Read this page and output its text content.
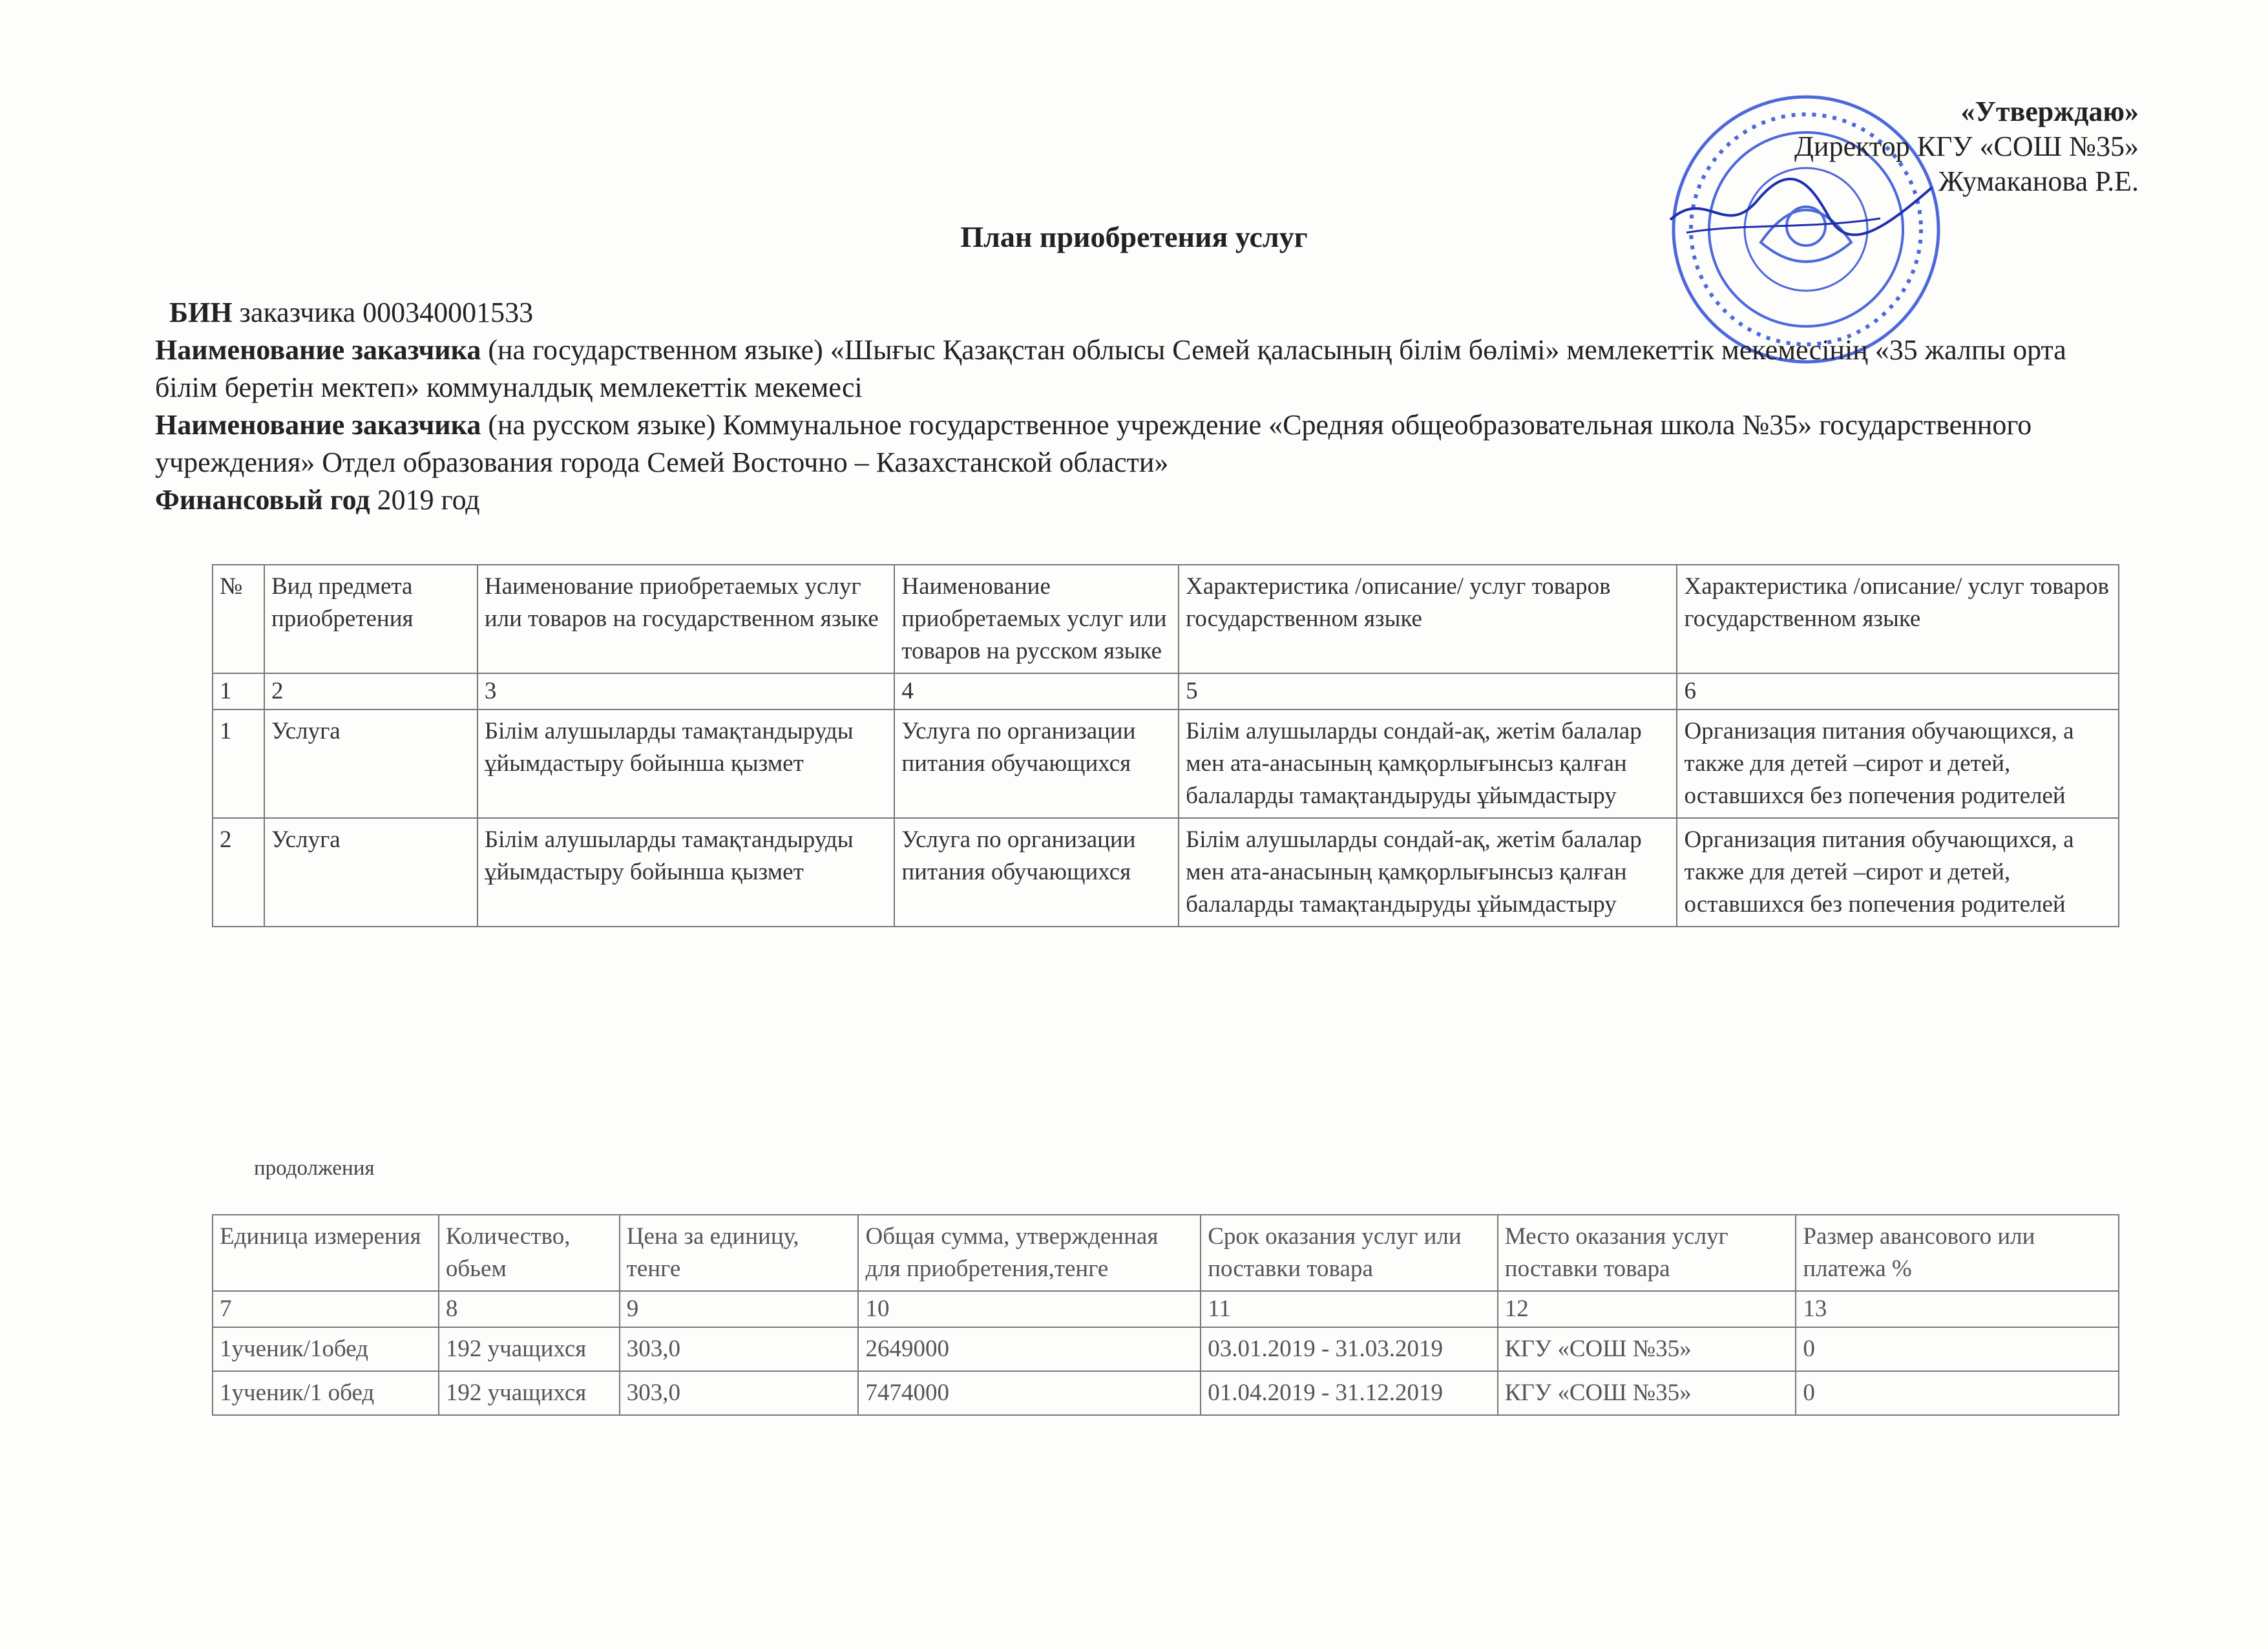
«Утверждаю»
Директор КГУ «СОШ №35»
Жумаканова Р.Е.
План приобретения услуг
БИН заказчика 000340001533
Наименование заказчика (на государственном языке) «Шығыс Қазақстан облысы Семей қаласының білім бөлімі» мемлекеттік мекемесінің «35 жалпы орта білім беретін мектеп» коммуналдық мемлекеттік мекемесі
Наименование заказчика (на русском языке) Коммунальное государственное учреждение «Средняя общеобразовательная школа №35» государственного учреждения» Отдел образования города Семей Восточно – Казахстанской области»
Финансовый год 2019 год
№	Вид предмета приобретения	Наименование приобретаемых услуг или товаров на государственном языке	Наименование приобретаемых услуг или товаров на русском языке	Характеристика /описание/ услуг товаров государственном языке	Характеристика /описание/ услуг товаров государственном языке
1	2	3	4	5	6
1	Услуга	Білім алушыларды тамақтандыруды ұйымдастыру бойынша қызмет	Услуга по организации питания обучающихся	Білім алушыларды сондай-ақ, жетім балалар мен ата-анасының қамқорлығынсыз қалған балаларды тамақтандыруды ұйымдастыру	Организация питания обучающихся, а также для детей –сирот и детей, оставшихся без попечения родителей
2	Услуга	Білім алушыларды тамақтандыруды ұйымдастыру бойынша қызмет	Услуга по организации питания обучающихся	Білім алушыларды сондай-ақ, жетім балалар мен ата-анасының қамқорлығынсыз қалған балаларды тамақтандыруды ұйымдастыру	Организация питания обучающихся, а также для детей –сирот и детей, оставшихся без попечения родителей
продолжения
Единица измерения	Количество, обьем	Цена за единицу, тенге	Общая сумма, утвержденная для приобретения,тенге	Срок оказания услуг или поставки товара	Место оказания услуг поставки товара	Размер авансового или платежа %
7	8	9	10	11	12	13
1ученик/1обед	192 учащихся	303,0	2649000	03.01.2019 - 31.03.2019	КГУ «СОШ №35»	0
1ученик/1 обед	192 учащихся	303,0	7474000	01.04.2019 - 31.12.2019	КГУ «СОШ №35»	0
